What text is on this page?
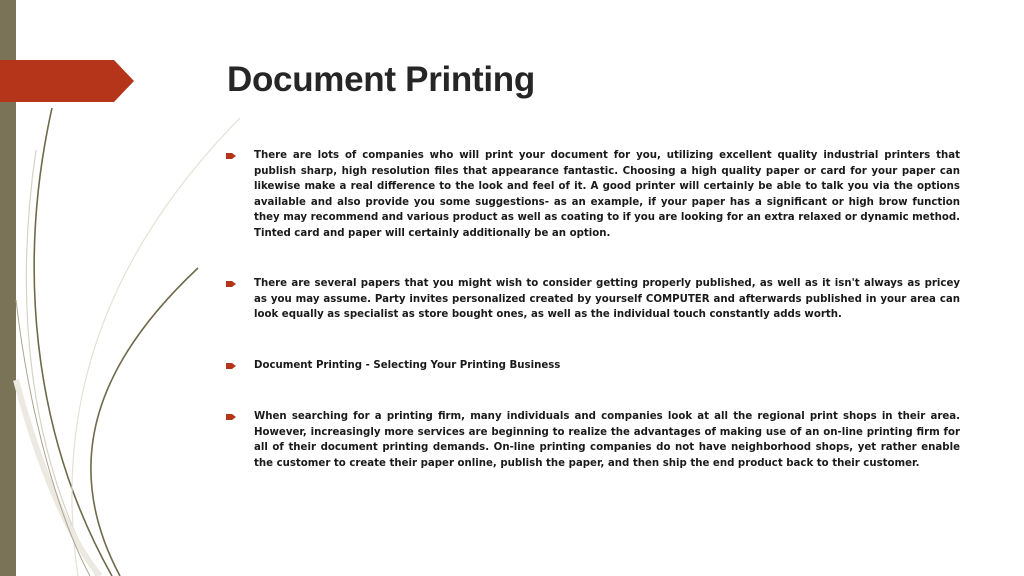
Document Printing
There are lots of companies who will print your document for you, utilizing excellent quality industrial printers that publish sharp, high resolution files that appearance fantastic. Choosing a high quality paper or card for your paper can likewise make a real difference to the look and feel of it. A good printer will certainly be able to talk you via the options available and also provide you some suggestions- as an example, if your paper has a significant or high brow function they may recommend and various product as well as coating to if you are looking for an extra relaxed or dynamic method. Tinted card and paper will certainly additionally be an option.
There are several papers that you might wish to consider getting properly published, as well as it isn't always as pricey as you may assume. Party invites personalized created by yourself COMPUTER and afterwards published in your area can look equally as specialist as store bought ones, as well as the individual touch constantly adds worth.
Document Printing - Selecting Your Printing Business
When searching for a printing firm, many individuals and companies look at all the regional print shops in their area. However, increasingly more services are beginning to realize the advantages of making use of an on-line printing firm for all of their document printing demands. On-line printing companies do not have neighborhood shops, yet rather enable the customer to create their paper online, publish the paper, and then ship the end product back to their customer.
